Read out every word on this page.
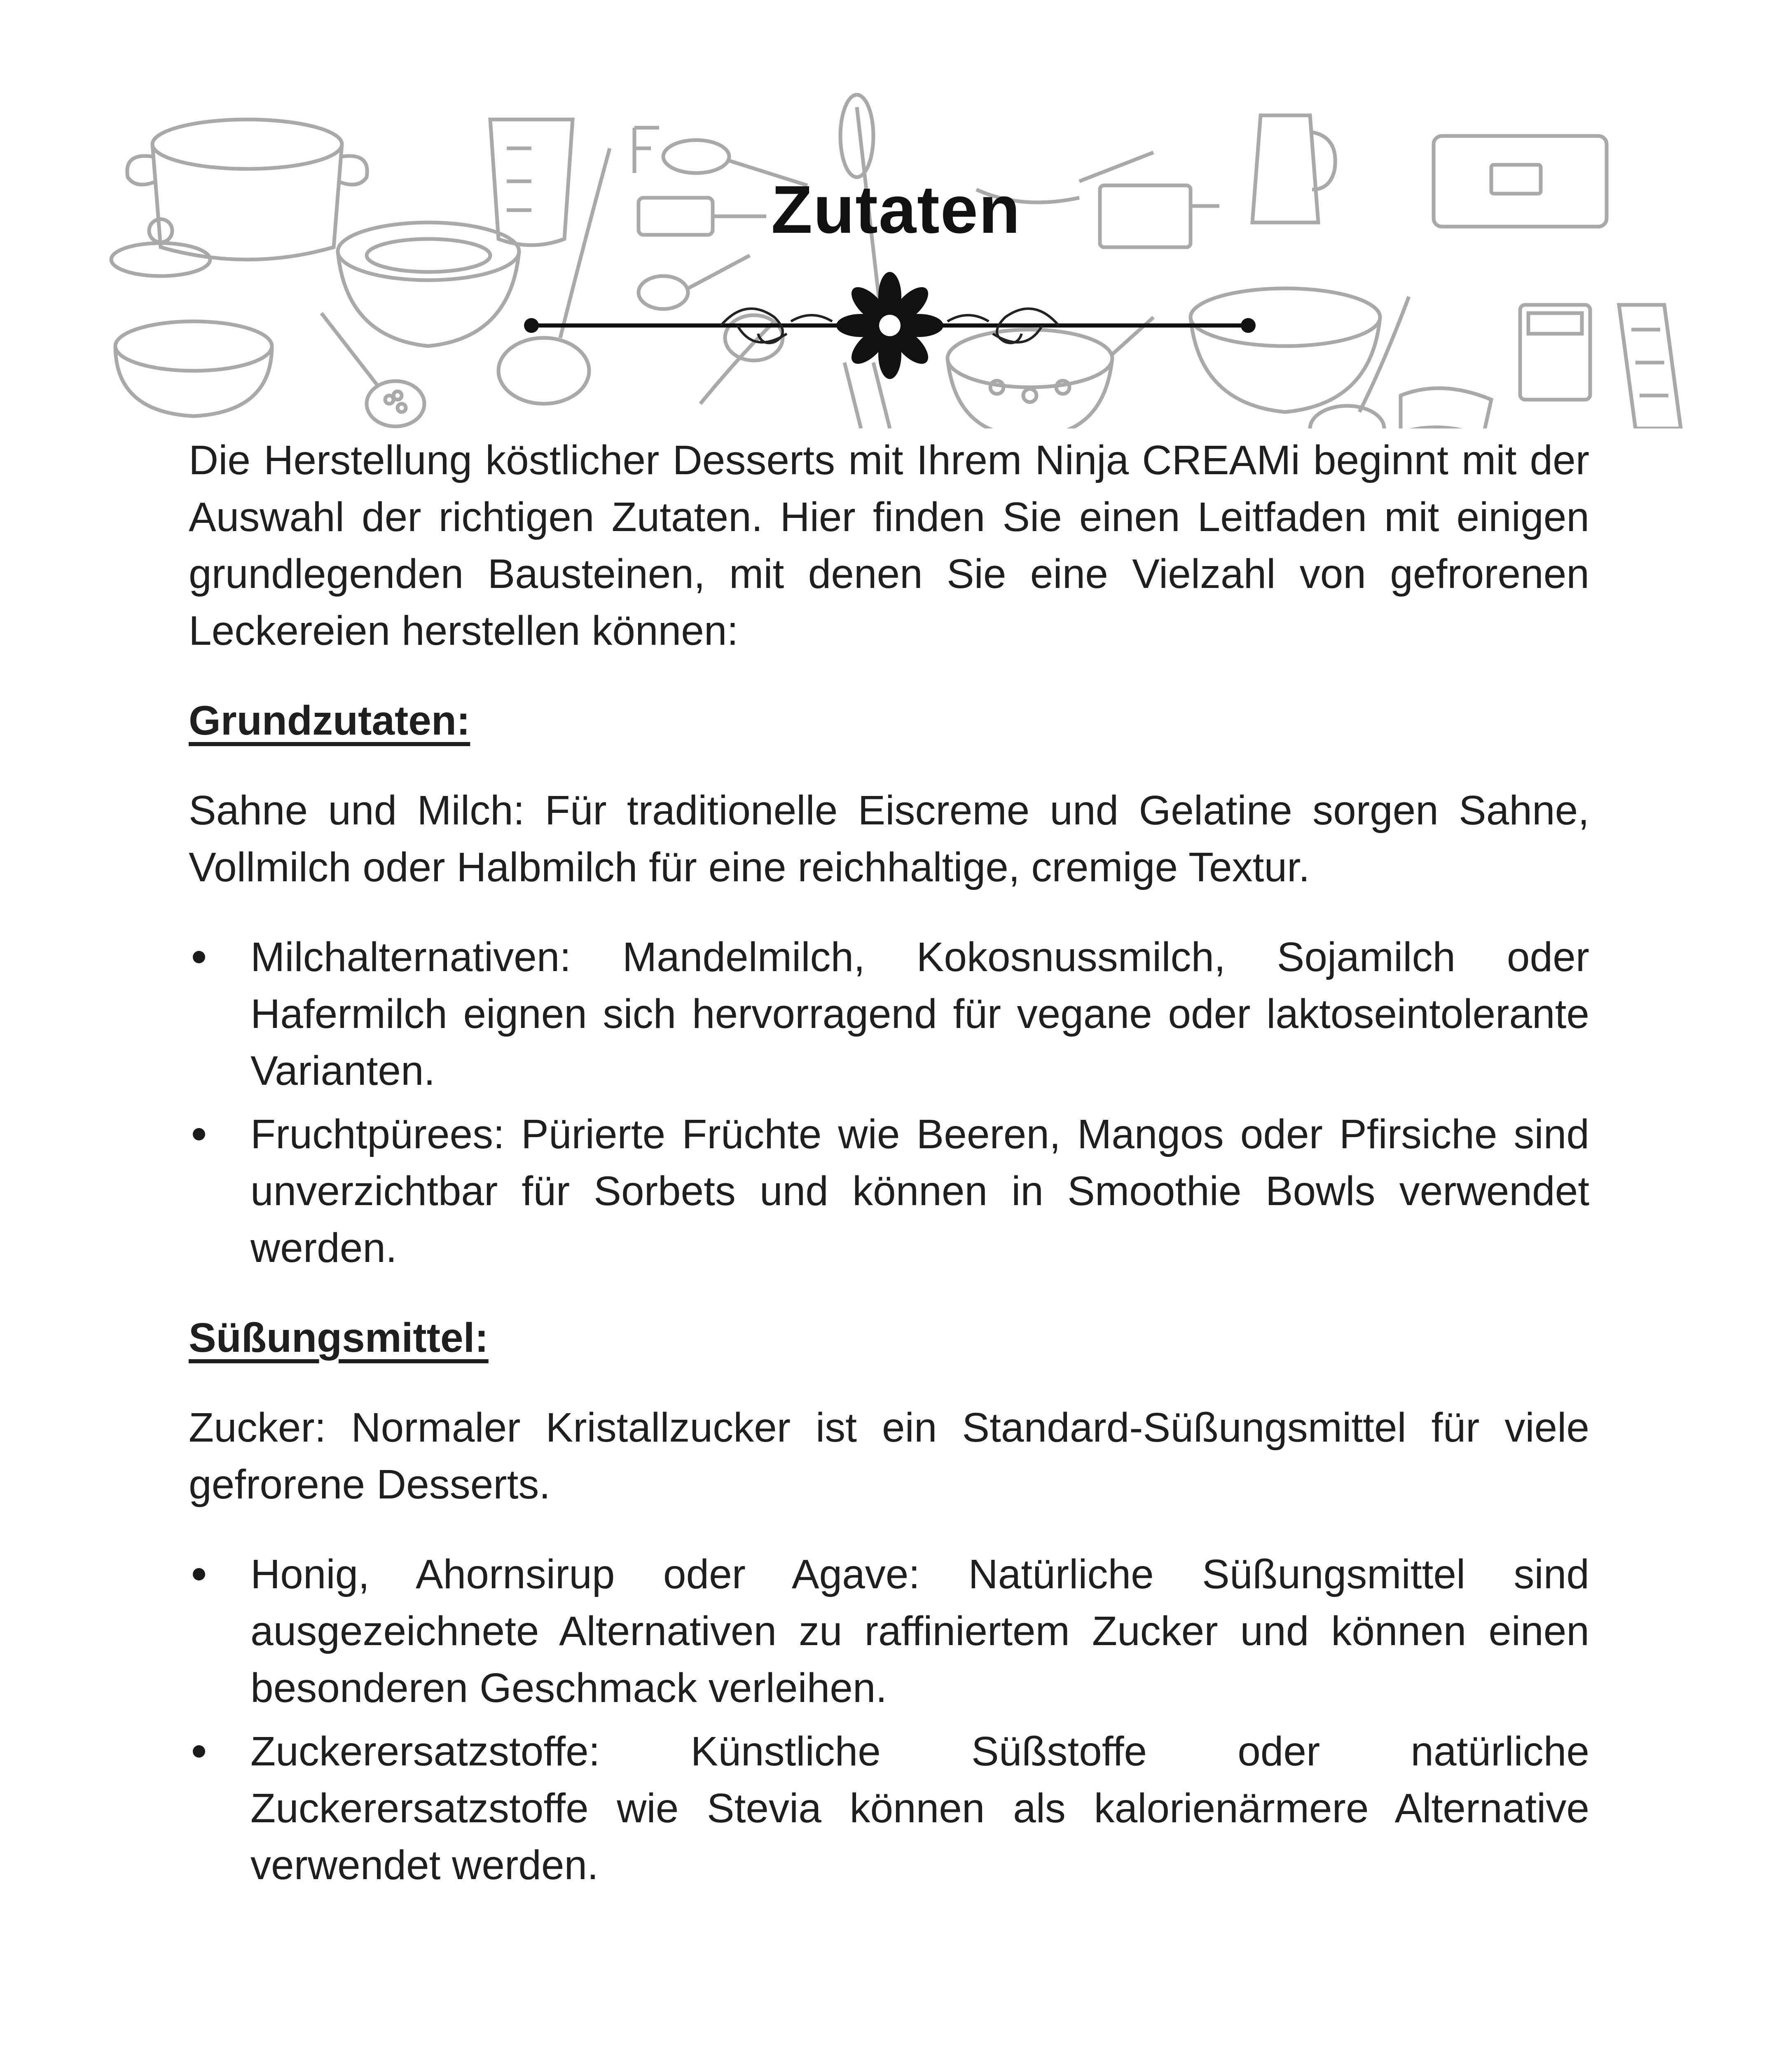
Zutaten

Die Herstellung köstlicher Desserts mit Ihrem Ninja CREAMi beginnt mit der Auswahl der richtigen Zutaten. Hier finden Sie einen Leitfaden mit einigen grundlegenden Bausteinen, mit denen Sie eine Vielzahl von gefrorenen Leckereien herstellen können:

Grundzutaten:

Sahne und Milch: Für traditionelle Eiscreme und Gelatine sorgen Sahne, Vollmilch oder Halbmilch für eine reichhaltige, cremige Textur.

Milchalternativen: Mandelmilch, Kokosnussmilch, Sojamilch oder Hafermilch eignen sich hervorragend für vegane oder laktoseintolerante Varianten.
Fruchtpürees: Pürierte Früchte wie Beeren, Mangos oder Pfirsiche sind unverzichtbar für Sorbets und können in Smoothie Bowls verwendet werden.
Süßungsmittel:

Zucker: Normaler Kristallzucker ist ein Standard-Süßungsmittel für viele gefrorene Desserts.

Honig, Ahornsirup oder Agave: Natürliche Süßungsmittel sind ausgezeichnete Alternativen zu raffiniertem Zucker und können einen besonderen Geschmack verleihen.
Zuckerersatzstoffe: Künstliche Süßstoffe oder natürliche Zuckerersatzstoffe wie Stevia können als kalorienärmere Alternative verwendet werden.
